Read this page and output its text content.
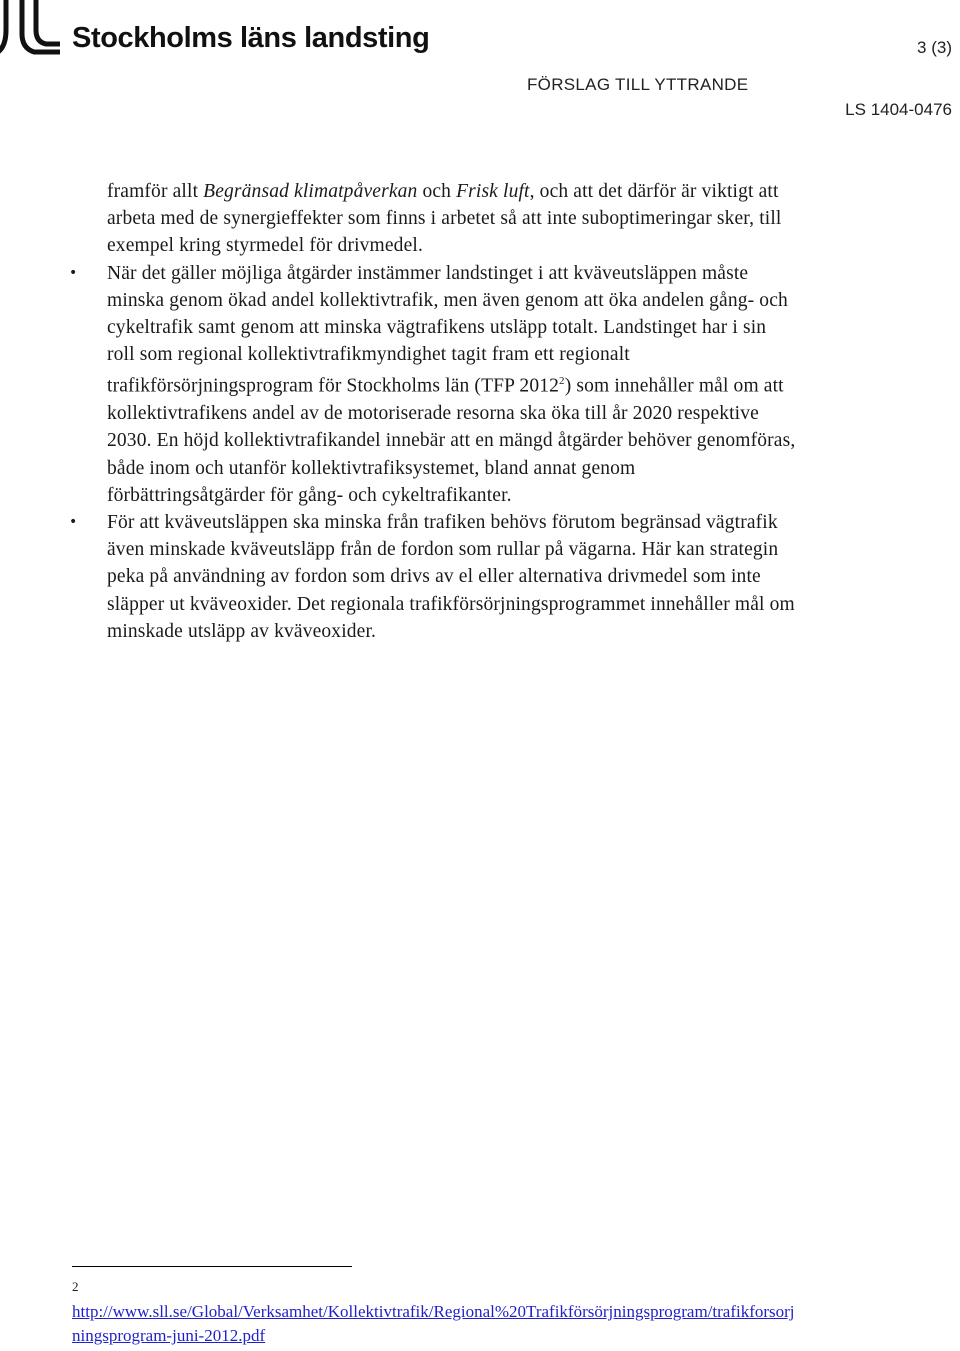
Stockholms läns landsting	3 (3)
FÖRSLAG TILL YTTRANDE
LS 1404-0476

framför allt Begränsad klimatpåverkan och Frisk luft, och att det därför är viktigt att arbeta med de synergieffekter som finns i arbetet så att inte suboptimeringar sker, till exempel kring styrmedel för drivmedel.

• När det gäller möjliga åtgärder instämmer landstinget i att kväveutsläppen måste minska genom ökad andel kollektivtrafik, men även genom att öka andelen gång- och cykeltrafik samt genom att minska vägtrafikens utsläpp totalt. Landstinget har i sin roll som regional kollektivtrafikmyndighet tagit fram ett regionalt trafikförsörjningsprogram för Stockholms län (TFP 2012$^2$) som innehåller mål om att kollektivtrafikens andel av de motoriserade resorna ska öka till år 2020 respektive 2030. En höjd kollektivtrafikandel innebär att en mängd åtgärder behöver genomföras, både inom och utanför kollektivtrafiksystemet, bland annat genom förbättringsåtgärder för gång- och cykeltrafikanter.
• För att kväveutsläppen ska minska från trafiken behövs förutom begränsad vägtrafik även minskade kväveutsläpp från de fordon som rullar på vägarna. Här kan strategin peka på användning av fordon som drivs av el eller alternativa drivmedel som inte släpper ut kväveoxider. Det regionala trafikförsörjningsprogrammet innehåller mål om minskade utsläpp av kväveoxider.
2
http://www.sll.se/Global/Verksamhet/Kollektivtrafik/Regional%20Trafikförsörjningsprogram/trafikforsorjningsprogram-juni-2012.pdf
